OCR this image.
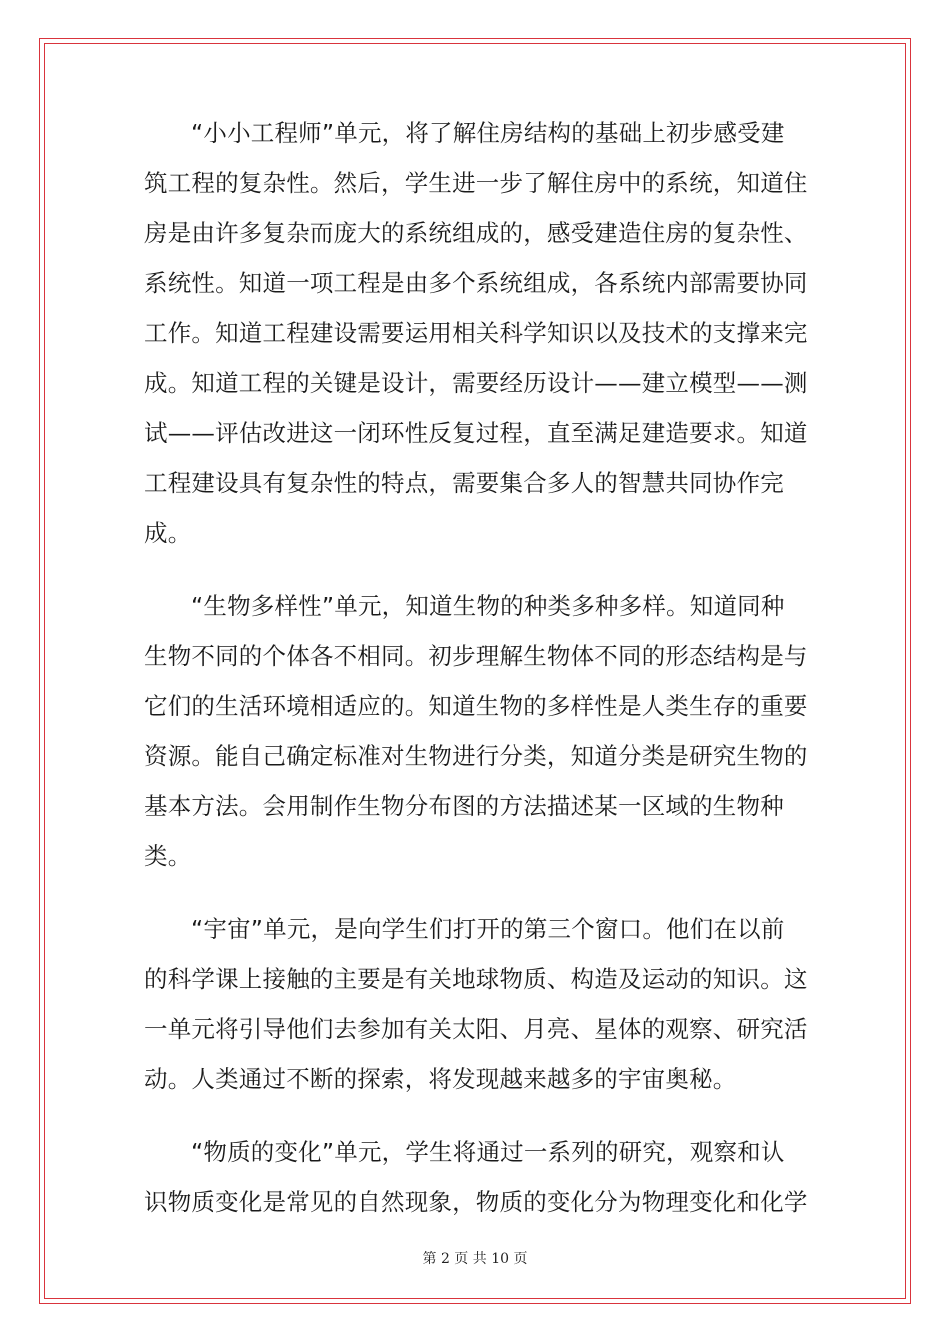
“小小工程师”单元，将了解住房结构的基础上初步感受建
筑工程的复杂性。然后，学生进一步了解住房中的系统，知道住
房是由许多复杂而庞大的系统组成的，感受建造住房的复杂性、
系统性。知道一项工程是由多个系统组成，各系统内部需要协同
工作。知道工程建设需要运用相关科学知识以及技术的支撑来完
成。知道工程的关键是设计，需要经历设计——建立模型——测
试——评估改进这一闭环性反复过程，直至满足建造要求。知道
工程建设具有复杂性的特点，需要集合多人的智慧共同协作完
成。

“生物多样性”单元，知道生物的种类多种多样。知道同种
生物不同的个体各不相同。初步理解生物体不同的形态结构是与
它们的生活环境相适应的。知道生物的多样性是人类生存的重要
资源。能自己确定标准对生物进行分类，知道分类是研究生物的
基本方法。会用制作生物分布图的方法描述某一区域的生物种
类。

“宇宙”单元，是向学生们打开的第三个窗口。他们在以前
的科学课上接触的主要是有关地球物质、构造及运动的知识。这
一单元将引导他们去参加有关太阳、月亮、星体的观察、研究活
动。人类通过不断的探索，将发现越来越多的宇宙奥秘。

“物质的变化”单元，学生将通过一系列的研究，观察和认
识物质变化是常见的自然现象，物质的变化分为物理变化和化学

第 2 页 共 10 页
